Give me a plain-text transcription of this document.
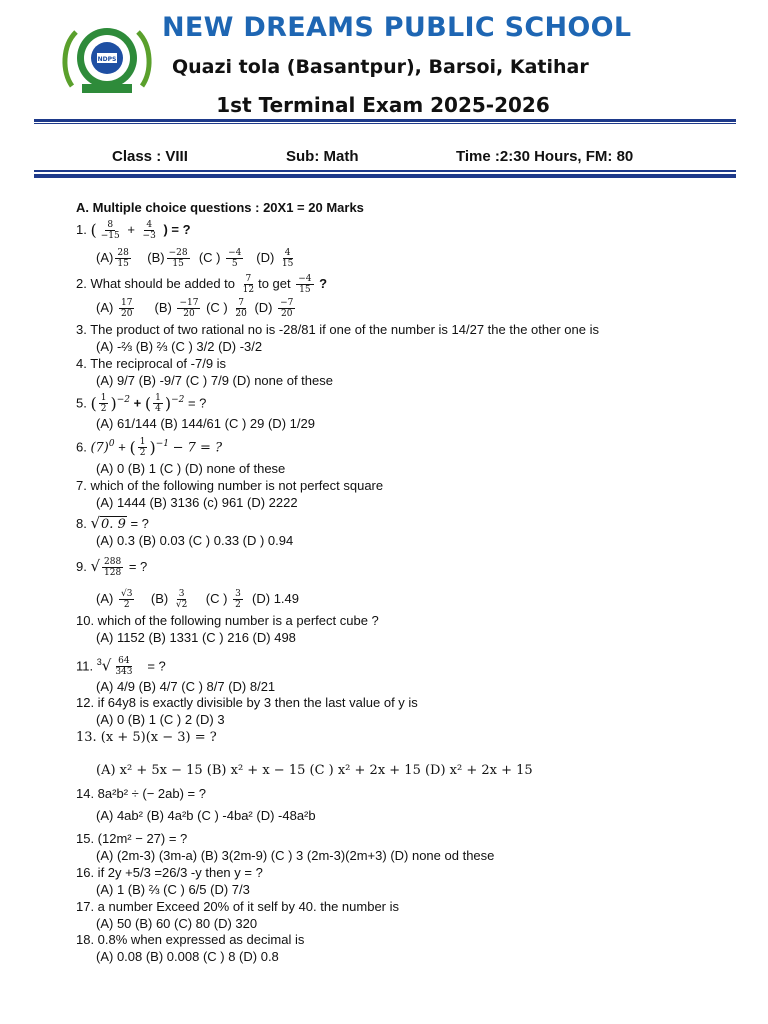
NDPS
NEW DREAMS PUBLIC SCHOOL
Quazi tola (Basantpur), Barsoi, Katihar
1st Terminal Exam 2025-2026
Class : VIII	Sub: Math	Time :2:30 Hours, FM: 80
A. Multiple choice questions : 20X1 = 20 Marks
1. ( $\frac{8}{-15} + \frac{4}{-3}$ ) = ?
$(A) \frac{28}{15} (B) \frac{-28}{15} (C$ ) $\frac{-4}{5} (D) \frac{4}{15}$
2. What should be added to $\frac{7}{12}$ to get $\frac{-4}{15}$ ?
$(A) \frac{17}{20} (B) \frac{-17}{20} (C$ ) $\frac{7}{20} (D) \frac{-7}{20}$
3. The product of two rational no is -28/81 if one of the number is 14/27 the the other one is
(A) -⅔ (B) ⅔ (C ) 3/2 (D) -3/2
4. The reciprocal of -7/9 is
(A) 9/7 (B) -9/7 (C ) 7/9 (D) none of these
5. ( $\frac{1}{2} )^{-2}$ + ( $\frac{1}{4} )^{-2}$ = ?
(A) 61/144 (B) 144/61 (C ) 29 (D) 1/29
6. $(7)^0$ + ( $\frac{1}{2} )^{-1} - 7$ = ?
(A) 0 (B) 1 (C ) (D) none of these
7. which of the following number is not perfect square
(A) 1444 (B) 3136 (c) 961 (D) 2222
8. √0. 9 = ?
(A) 0.3 (B) 0.03 (C ) 0.33 (D ) 0.94
9. √ $\frac{288}{128}$ = ?
$(A) \frac{√3}{2} (B) \frac{3}{√2} (C$ ) $\frac{3}{2} (D)$ 1.49
10. which of the following number is a perfect cube ?
(A) 1152 (B) 1331 (C ) 216 (D) 498
11. $^3√ \frac{64}{343}$ = ?
(A) 4/9 (B) 4/7 (C ) 8/7 (D) 8/21
12. if 64y8 is exactly divisible by 3 then the last value of y is
(A) 0 (B) 1 (C ) 2 (D) 3
13. (x + 5)(x − 3) = ?
(A) x² + 5x − 15 (B) x² + x − 15 (C ) x² + 2x + 15 (D) x² + 2x + 15
14. 8a²b² ÷ (− 2ab) = ?
(A) 4ab² (B) 4a²b (C ) -4ba² (D) -48a²b
15. (12m² − 27) = ?
(A) (2m-3) (3m-a) (B) 3(2m-9) (C ) 3 (2m-3)(2m+3) (D) none od these
16. if 2y +5/3 =26/3 -y then y = ?
(A) 1 (B) ⅔ (C ) 6/5 (D) 7/3
17. a number Exceed 20% of it self by 40. the number is
(A) 50 (B) 60 (C) 80 (D) 320
18. 0.8% when expressed as decimal is
(A) 0.08 (B) 0.008 (C ) 8 (D) 0.8
